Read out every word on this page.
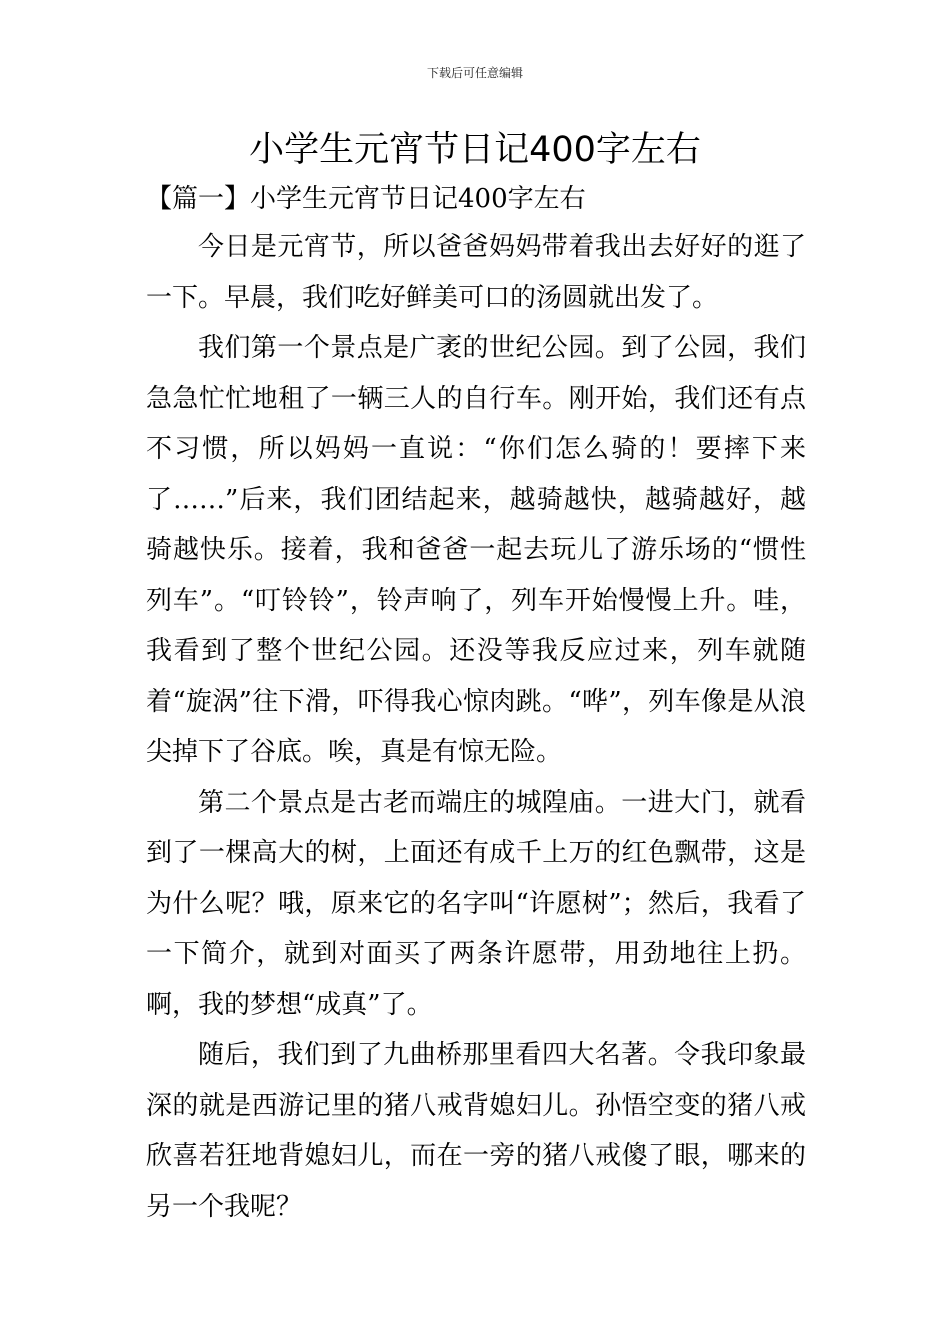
下载后可任意编辑
小学生元宵节日记400字左右
【篇一】小学生元宵节日记400字左右

今日是元宵节，所以爸爸妈妈带着我出去好好的逛了一下。早晨，我们吃好鲜美可口的汤圆就出发了。

我们第一个景点是广袤的世纪公园。到了公园，我们急急忙忙地租了一辆三人的自行车。刚开始，我们还有点不习惯，所以妈妈一直说：“你们怎么骑的！要摔下来了……”后来，我们团结起来，越骑越快，越骑越好，越骑越快乐。接着，我和爸爸一起去玩儿了游乐场的“惯性列车”。“叮铃铃”，铃声响了，列车开始慢慢上升。哇，我看到了整个世纪公园。还没等我反应过来，列车就随着“旋涡”往下滑，吓得我心惊肉跳。“哗”，列车像是从浪尖掉下了谷底。唉，真是有惊无险。

第二个景点是古老而端庄的城隍庙。一进大门，就看到了一棵高大的树，上面还有成千上万的红色飘带，这是为什么呢？哦，原来它的名字叫“许愿树”；然后，我看了一下简介，就到对面买了两条许愿带，用劲地往上扔。啊，我的梦想“成真”了。

随后，我们到了九曲桥那里看四大名著。令我印象最深的就是西游记里的猪八戒背媳妇儿。孙悟空变的猪八戒欣喜若狂地背媳妇儿，而在一旁的猪八戒傻了眼，哪来的另一个我呢？
